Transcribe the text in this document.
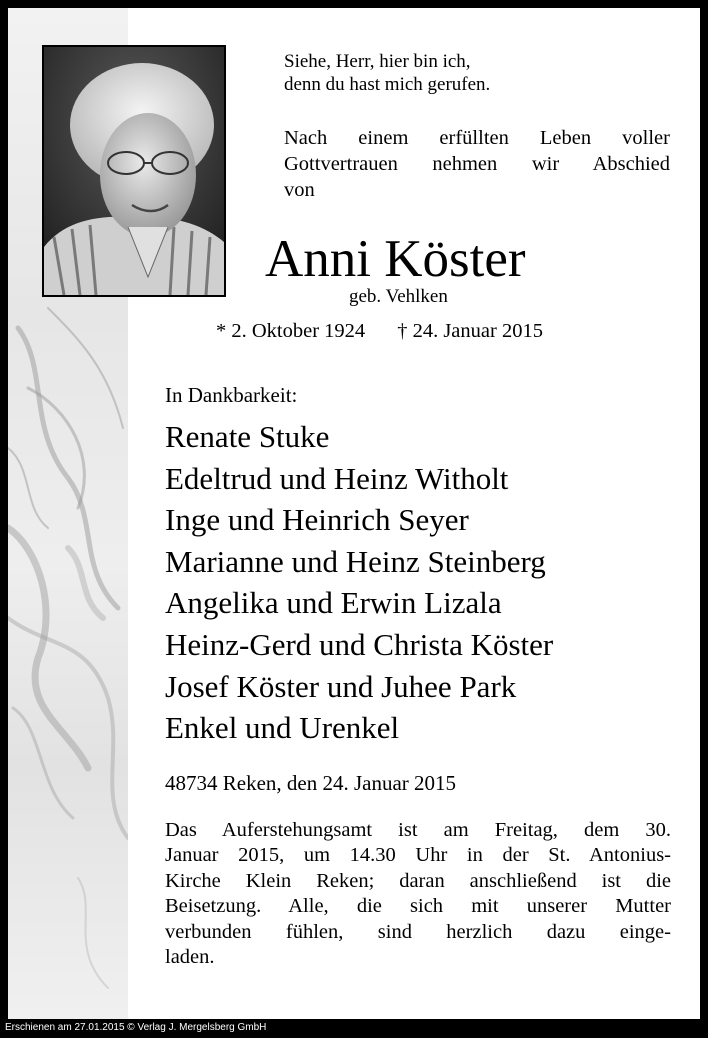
Siehe, Herr, hier bin ich,
denn du hast mich gerufen.
Nach einem erfüllten Leben voller
Gottvertrauen nehmen wir Abschied
von
Anni Köster
geb. Vehlken
* 2. Oktober 1924 † 24. Januar 2015
In Dankbarkeit:
Renate Stuke
Edeltrud und Heinz Witholt
Inge und Heinrich Seyer
Marianne und Heinz Steinberg
Angelika und Erwin Lizala
Heinz-Gerd und Christa Köster
Josef Köster und Juhee Park
Enkel und Urenkel
48734 Reken, den 24. Januar 2015
Das Auferstehungsamt ist am Freitag, dem 30.
Januar 2015, um 14.30 Uhr in der St. Antonius-
Kirche Klein Reken; daran anschließend ist die
Beisetzung. Alle, die sich mit unserer Mutter
verbunden fühlen, sind herzlich dazu einge-
laden.
Erschienen am 27.01.2015 © Verlag J. Mergelsberg GmbH
